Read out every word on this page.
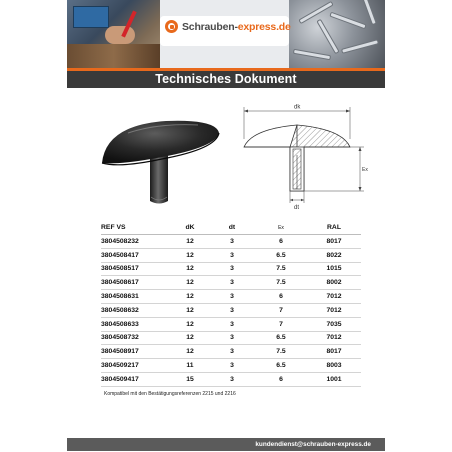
Schrauben-express.de
Technisches Dokument
dk
Ex
dt
REF VS	dK	dt	Ex	RAL
3804508232	12	3	6	8017
3804508417	12	3	6.5	8022
3804508517	12	3	7.5	1015
3804508617	12	3	7.5	8002
3804508631	12	3	6	7012
3804508632	12	3	7	7012
3804508633	12	3	7	7035
3804508732	12	3	6.5	7012
3804508917	12	3	7.5	8017
3804509217	11	3	6.5	8003
3804509417	15	3	6	1001
Kompatibel mit den Bestätigungsreferenzen 2215 und 2216
kundendienst@schrauben-express.de
